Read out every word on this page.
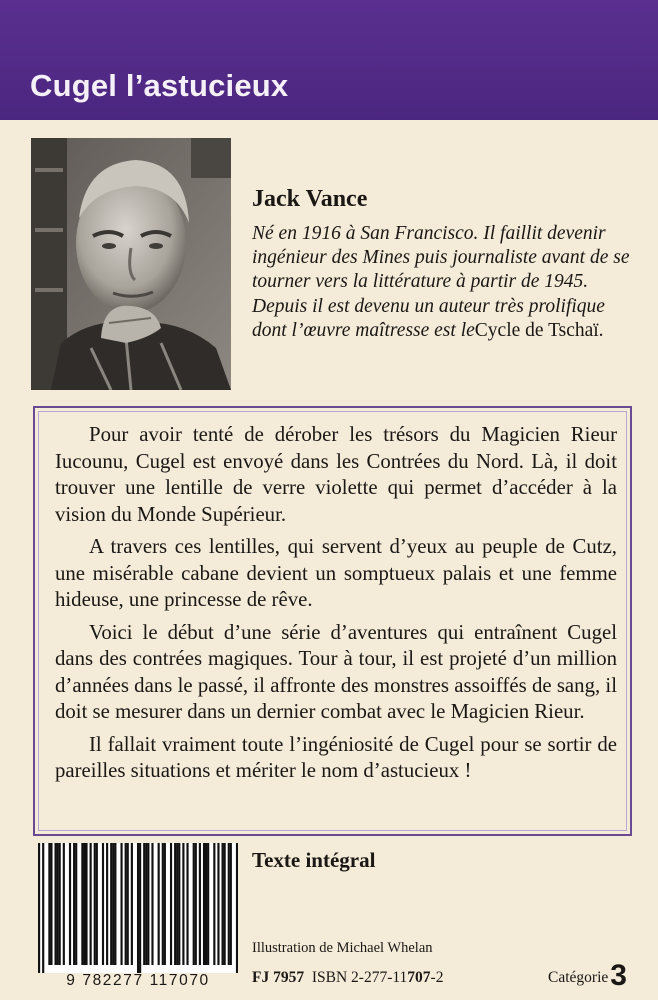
Cugel l’astucieux
Jack Vance

Né en 1916 à San Francisco. Il faillit devenir ingénieur des Mines puis journaliste avant de se tourner vers la littérature à partir de 1945.

Depuis il est devenu un auteur très prolifique dont l’œuvre maîtresse est leCycle de Tschaï.

Pour avoir tenté de dérober les trésors du Magicien Rieur Iucounu, Cugel est envoyé dans les Contrées du Nord. Là, il doit trouver une lentille de verre violette qui permet d’accéder à la vision du Monde Supérieur.

A travers ces lentilles, qui servent d’yeux au peuple de Cutz, une misérable cabane devient un somptueux palais et une femme hideuse, une princesse de rêve.

Voici le début d’une série d’aventures qui entraînent Cugel dans des contrées magiques. Tour à tour, il est projeté d’un million d’années dans le passé, il affronte des monstres assoiffés de sang, il doit se mesurer dans un dernier combat avec le Magicien Rieur.

Il fallait vraiment toute l’ingéniosité de Cugel pour se sortir de pareilles situations et mériter le nom d’astucieux !

9 782277 117070
Texte intégral
Illustration de Michael Whelan
FJ 7957 ISBN 2-277-11707-2	Catégorie3
